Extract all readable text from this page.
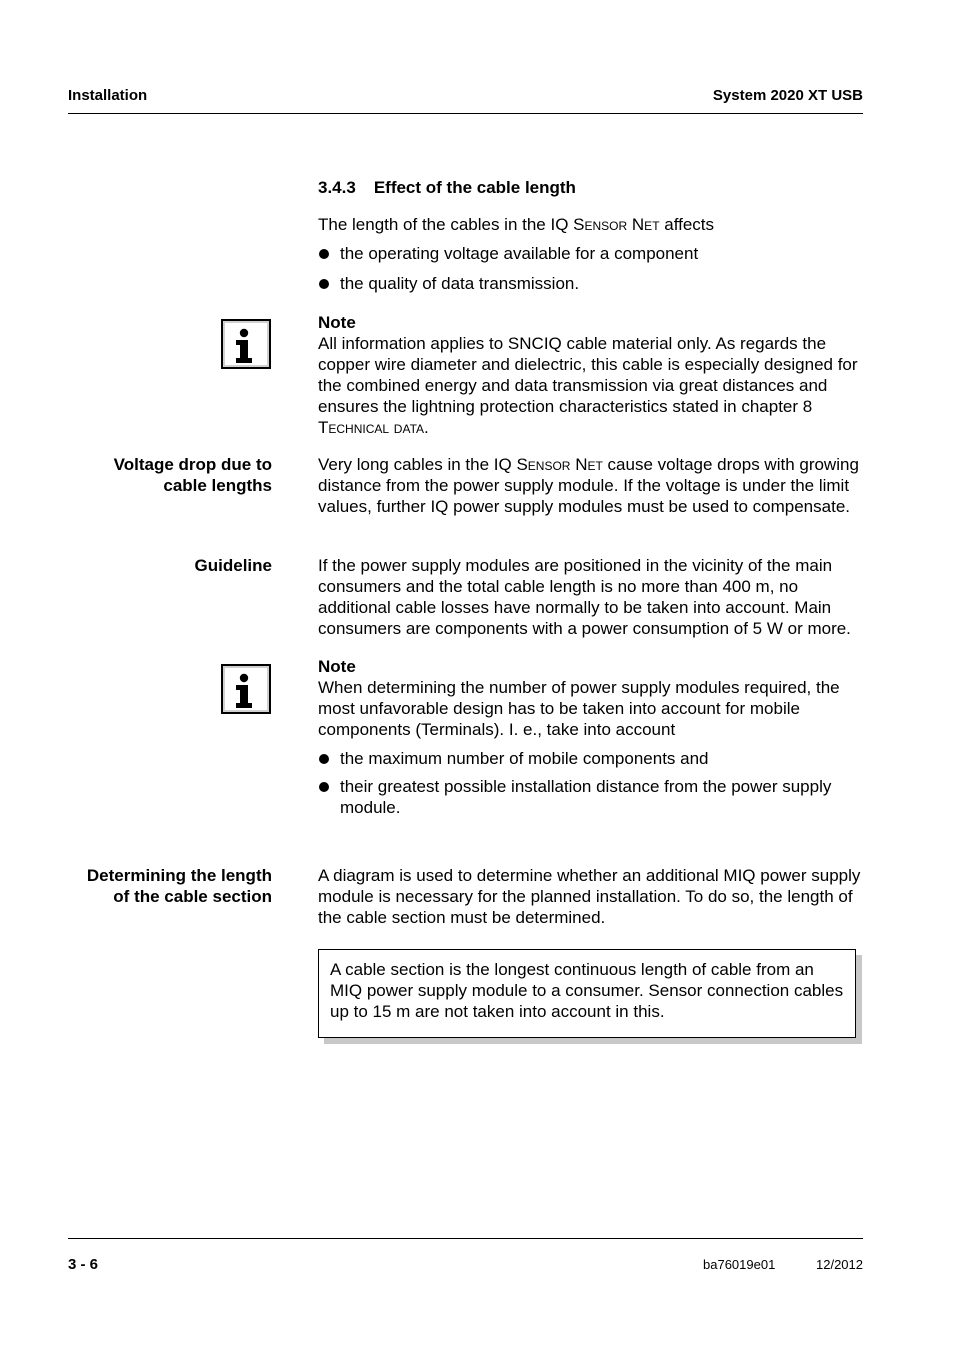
Installation	System 2020 XT USB
3.4.3 Effect of the cable length
The length of the cables in the IQ Sensor Net affects
the operating voltage available for a component
the quality of data transmission.
Note
All information applies to SNCIQ cable material only. As regards the copper wire diameter and dielectric, this cable is especially designed for the combined energy and data transmission via great distances and ensures the lightning protection characteristics stated in chapter 8
Technical data.
Voltage drop due to
cable lengths
Very long cables in the IQ Sensor Net cause voltage drops with growing distance from the power supply module. If the voltage is under the limit values, further IQ power supply modules must be used to compensate.
Guideline	If the power supply modules are positioned in the vicinity of the main consumers and the total cable length is no more than 400 m, no additional cable losses have normally to be taken into account. Main consumers are components with a power consumption of 5 W or more.
Note
When determining the number of power supply modules required, the most unfavorable design has to be taken into account for mobile components (Terminals). I. e., take into account
the maximum number of mobile components and
their greatest possible installation distance from the power supply module.
Determining the length
of the cable section
A diagram is used to determine whether an additional MIQ power supply module is necessary for the planned installation. To do so, the length of the cable section must be determined.
A cable section is the longest continuous length of cable from an MIQ power supply module to a consumer. Sensor connection cables up to 15 m are not taken into account in this.
3 - 6	ba76019e01	12/2012
